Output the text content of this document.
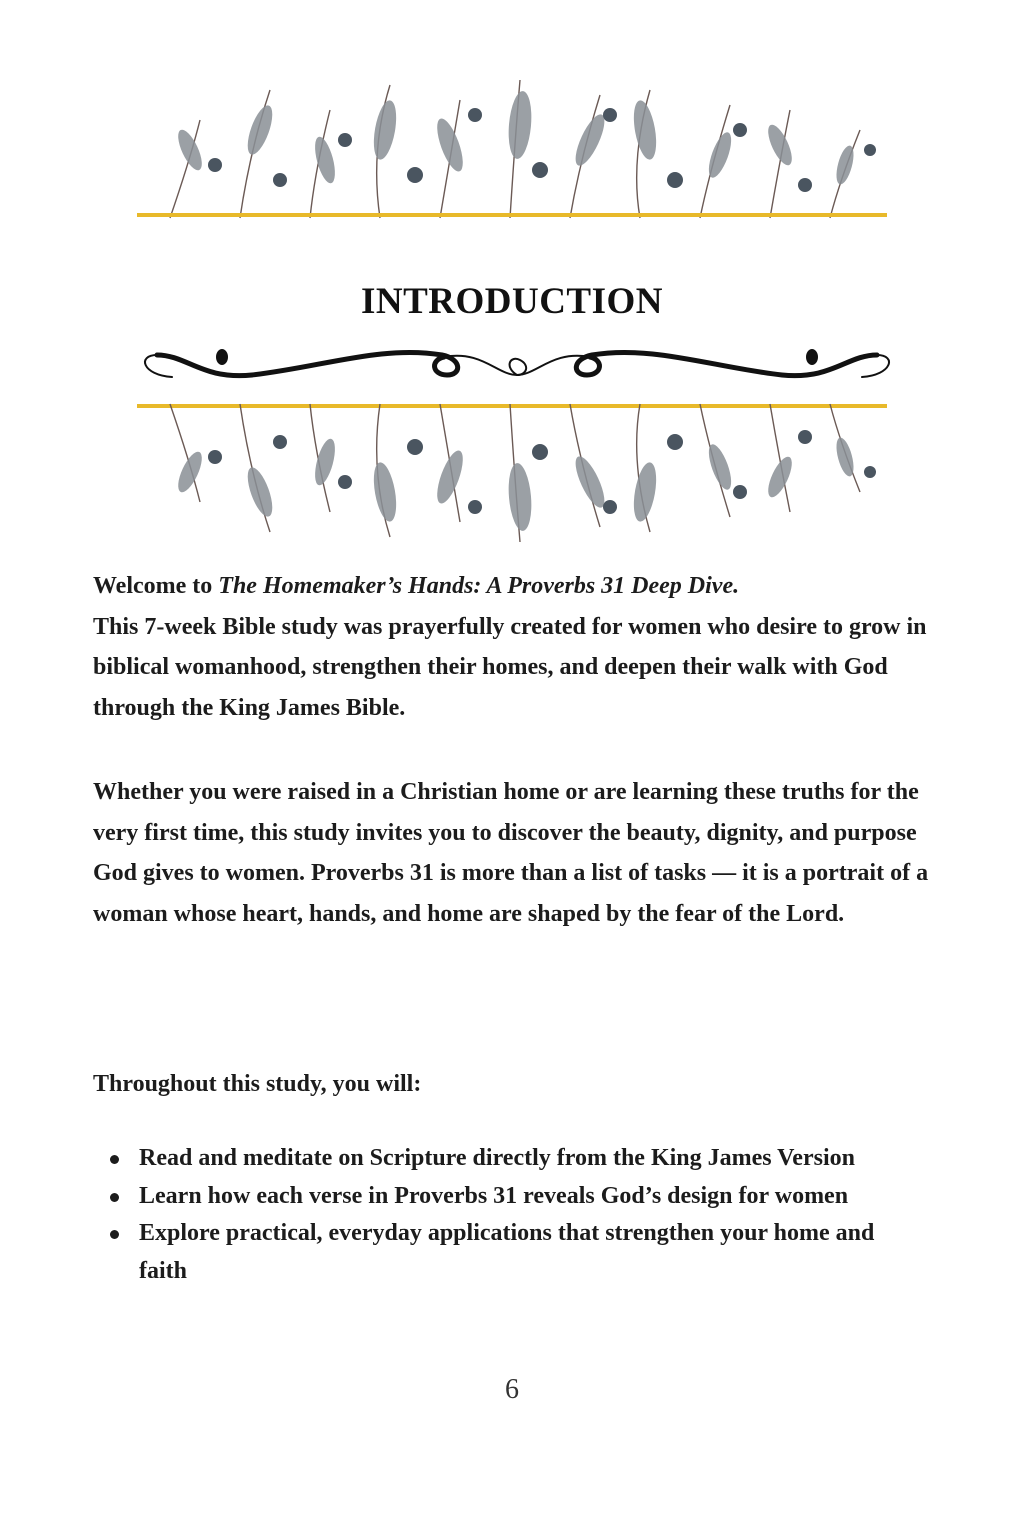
INTRODUCTION
Welcome to The Homemaker’s Hands: A Proverbs 31 Deep Dive.
This 7-week Bible study was prayerfully created for women who desire to grow in biblical womanhood, strengthen their homes, and deepen their walk with God through the King James Bible.
Whether you were raised in a Christian home or are learning these truths for the very first time, this study invites you to discover the beauty, dignity, and purpose God gives to women. Proverbs 31 is more than a list of tasks — it is a portrait of a woman whose heart, hands, and home are shaped by the fear of the Lord.
Throughout this study, you will:
Read and meditate on Scripture directly from the King James Version
Learn how each verse in Proverbs 31 reveals God’s design for women
Explore practical, everyday applications that strengthen your home and faith
6
